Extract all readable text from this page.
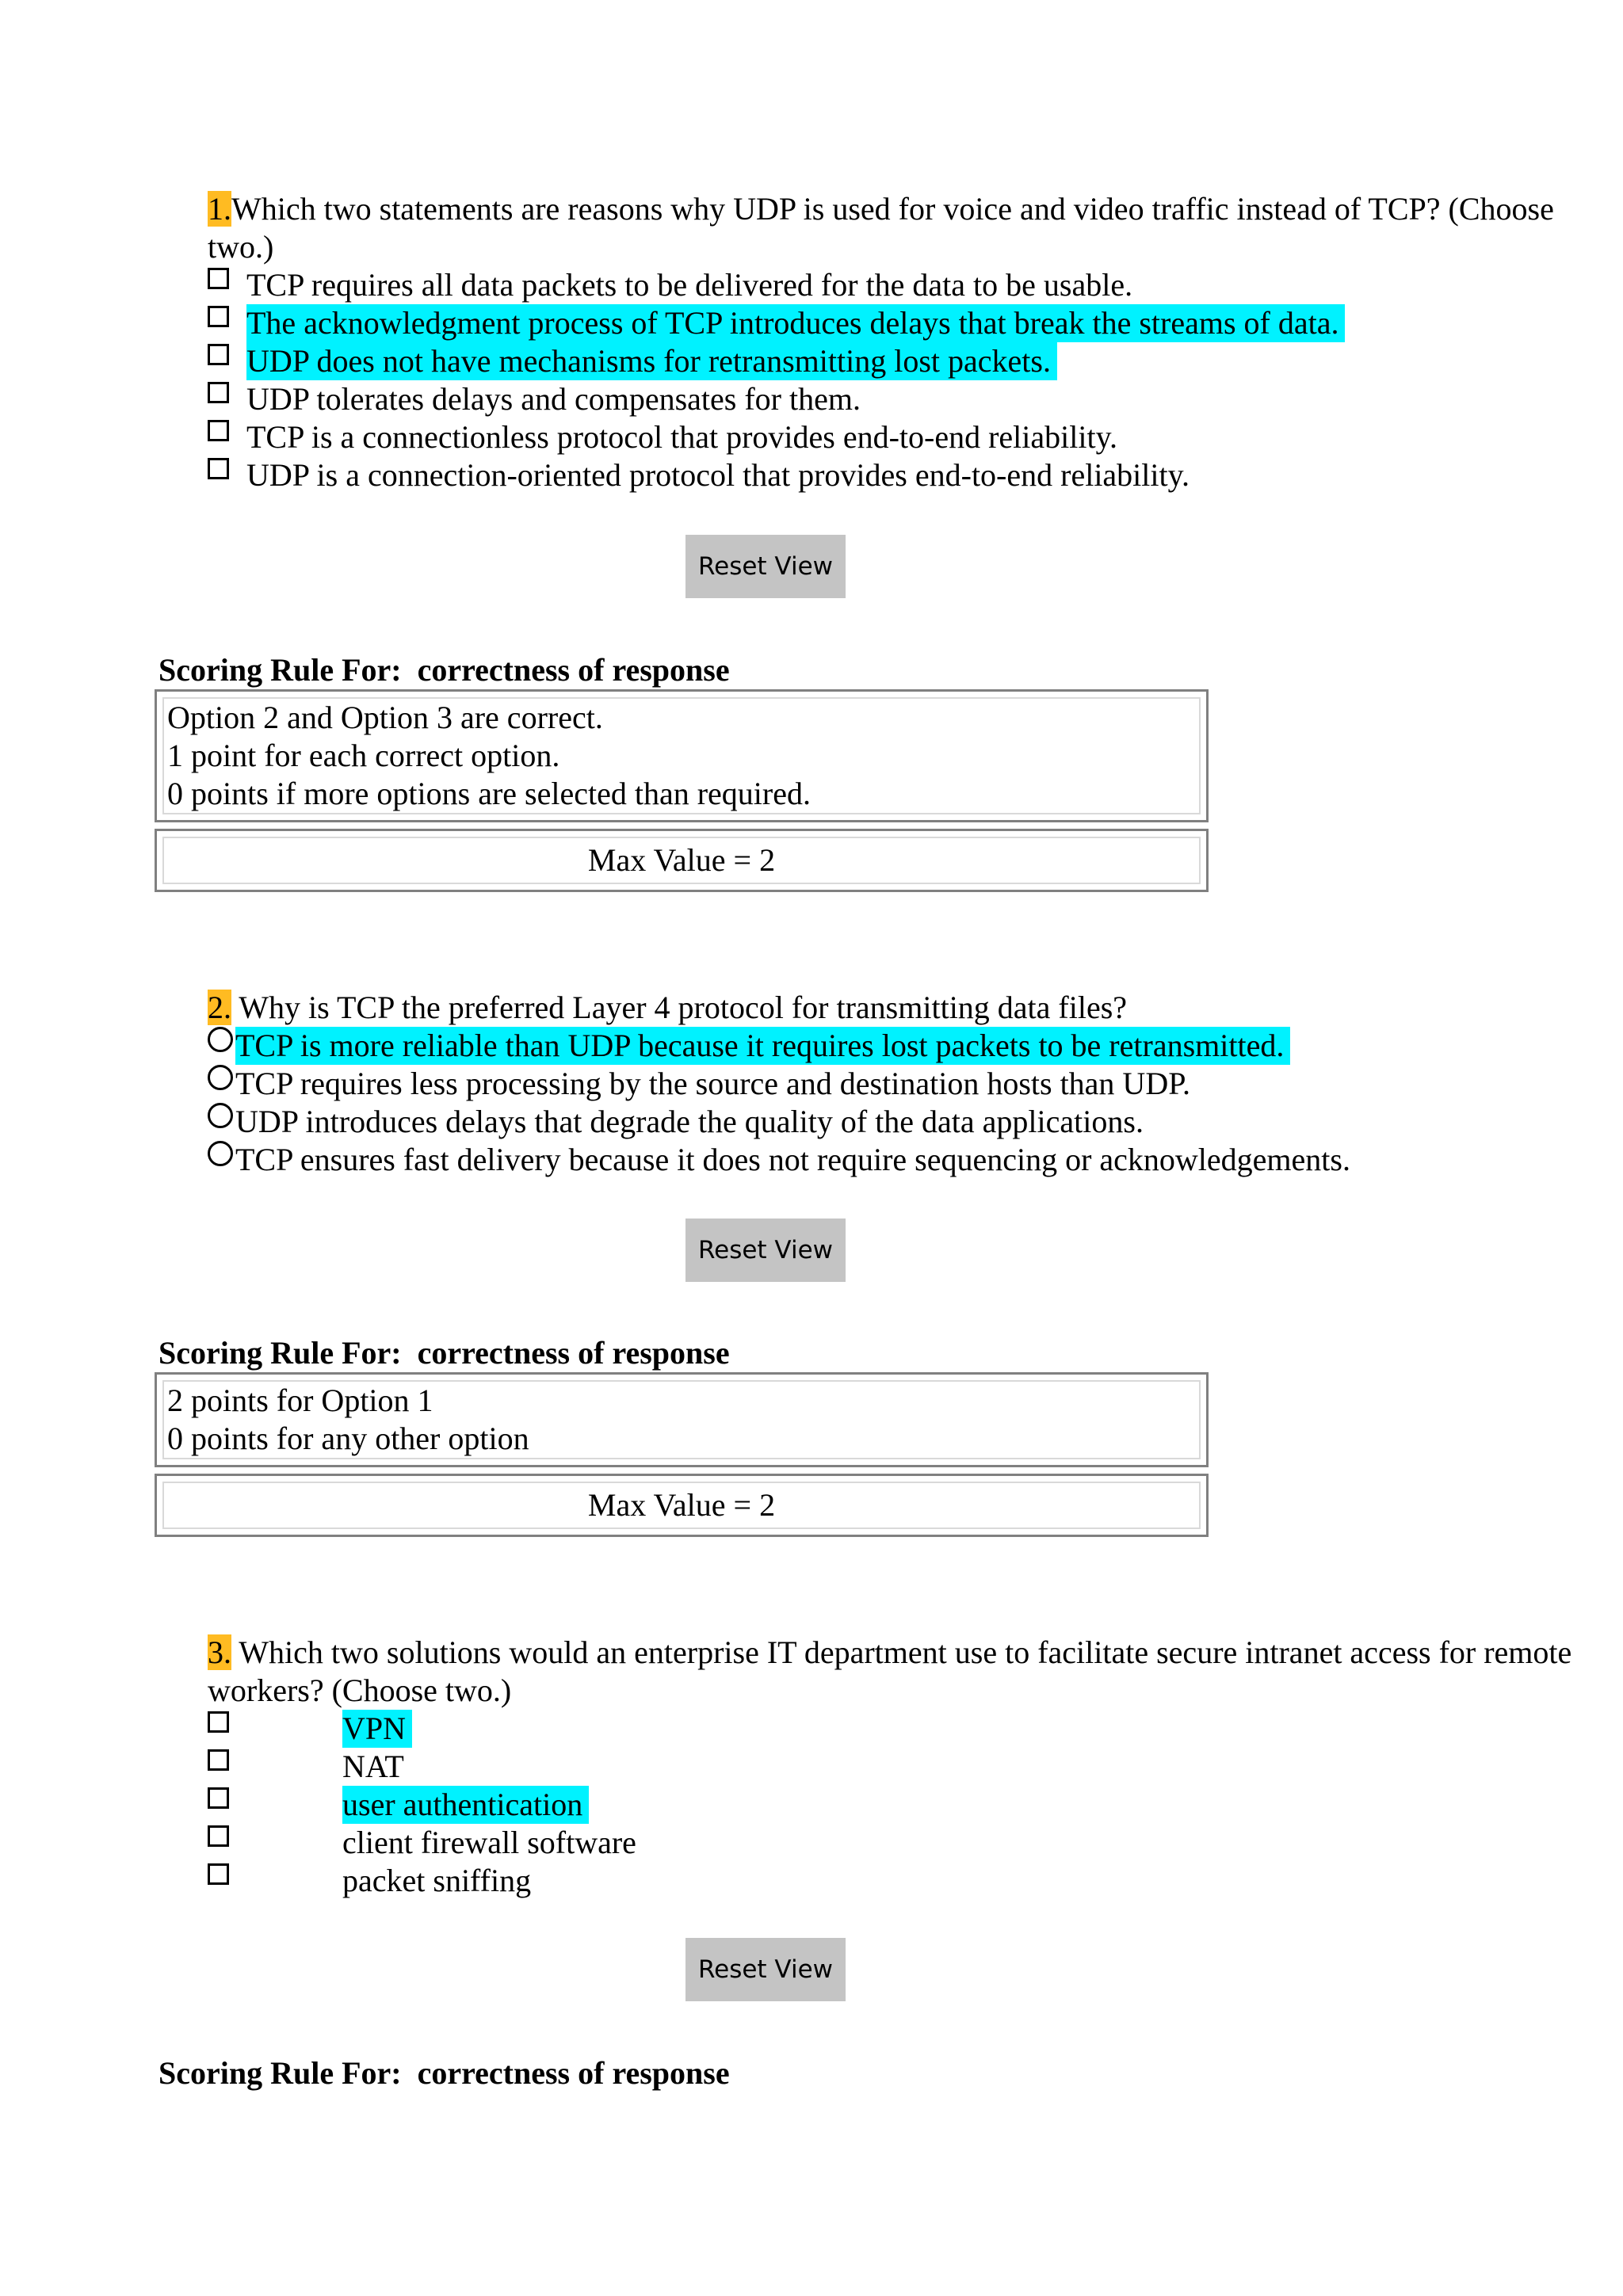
1.Which two statements are reasons why UDP is used for voice and video traffic instead of TCP? (Choose two.)

TCP requires all data packets to be delivered for the data to be usable.
The acknowledgment process of TCP introduces delays that break the streams of data.
UDP does not have mechanisms for retransmitting lost packets.
UDP tolerates delays and compensates for them.
TCP is a connectionless protocol that provides end-to-end reliability.
UDP is a connection-oriented protocol that provides end-to-end reliability.
Reset View
Scoring Rule For:  correctness of response
Option 2 and Option 3 are correct.
1 point for each correct option.
0 points if more options are selected than required.
Max Value = 2

2. Why is TCP the preferred Layer 4 protocol for transmitting data files?

TCP is more reliable than UDP because it requires lost packets to be retransmitted.
TCP requires less processing by the source and destination hosts than UDP.
UDP introduces delays that degrade the quality of the data applications.
TCP ensures fast delivery because it does not require sequencing or acknowledgements.
Reset View
Scoring Rule For:  correctness of response
2 points for Option 1
0 points for any other option
Max Value = 2

3. Which two solutions would an enterprise IT department use to facilitate secure intranet access for remote workers? (Choose two.)

VPN
NAT
user authentication
client firewall software
packet sniffing
Reset View
Scoring Rule For:  correctness of response
